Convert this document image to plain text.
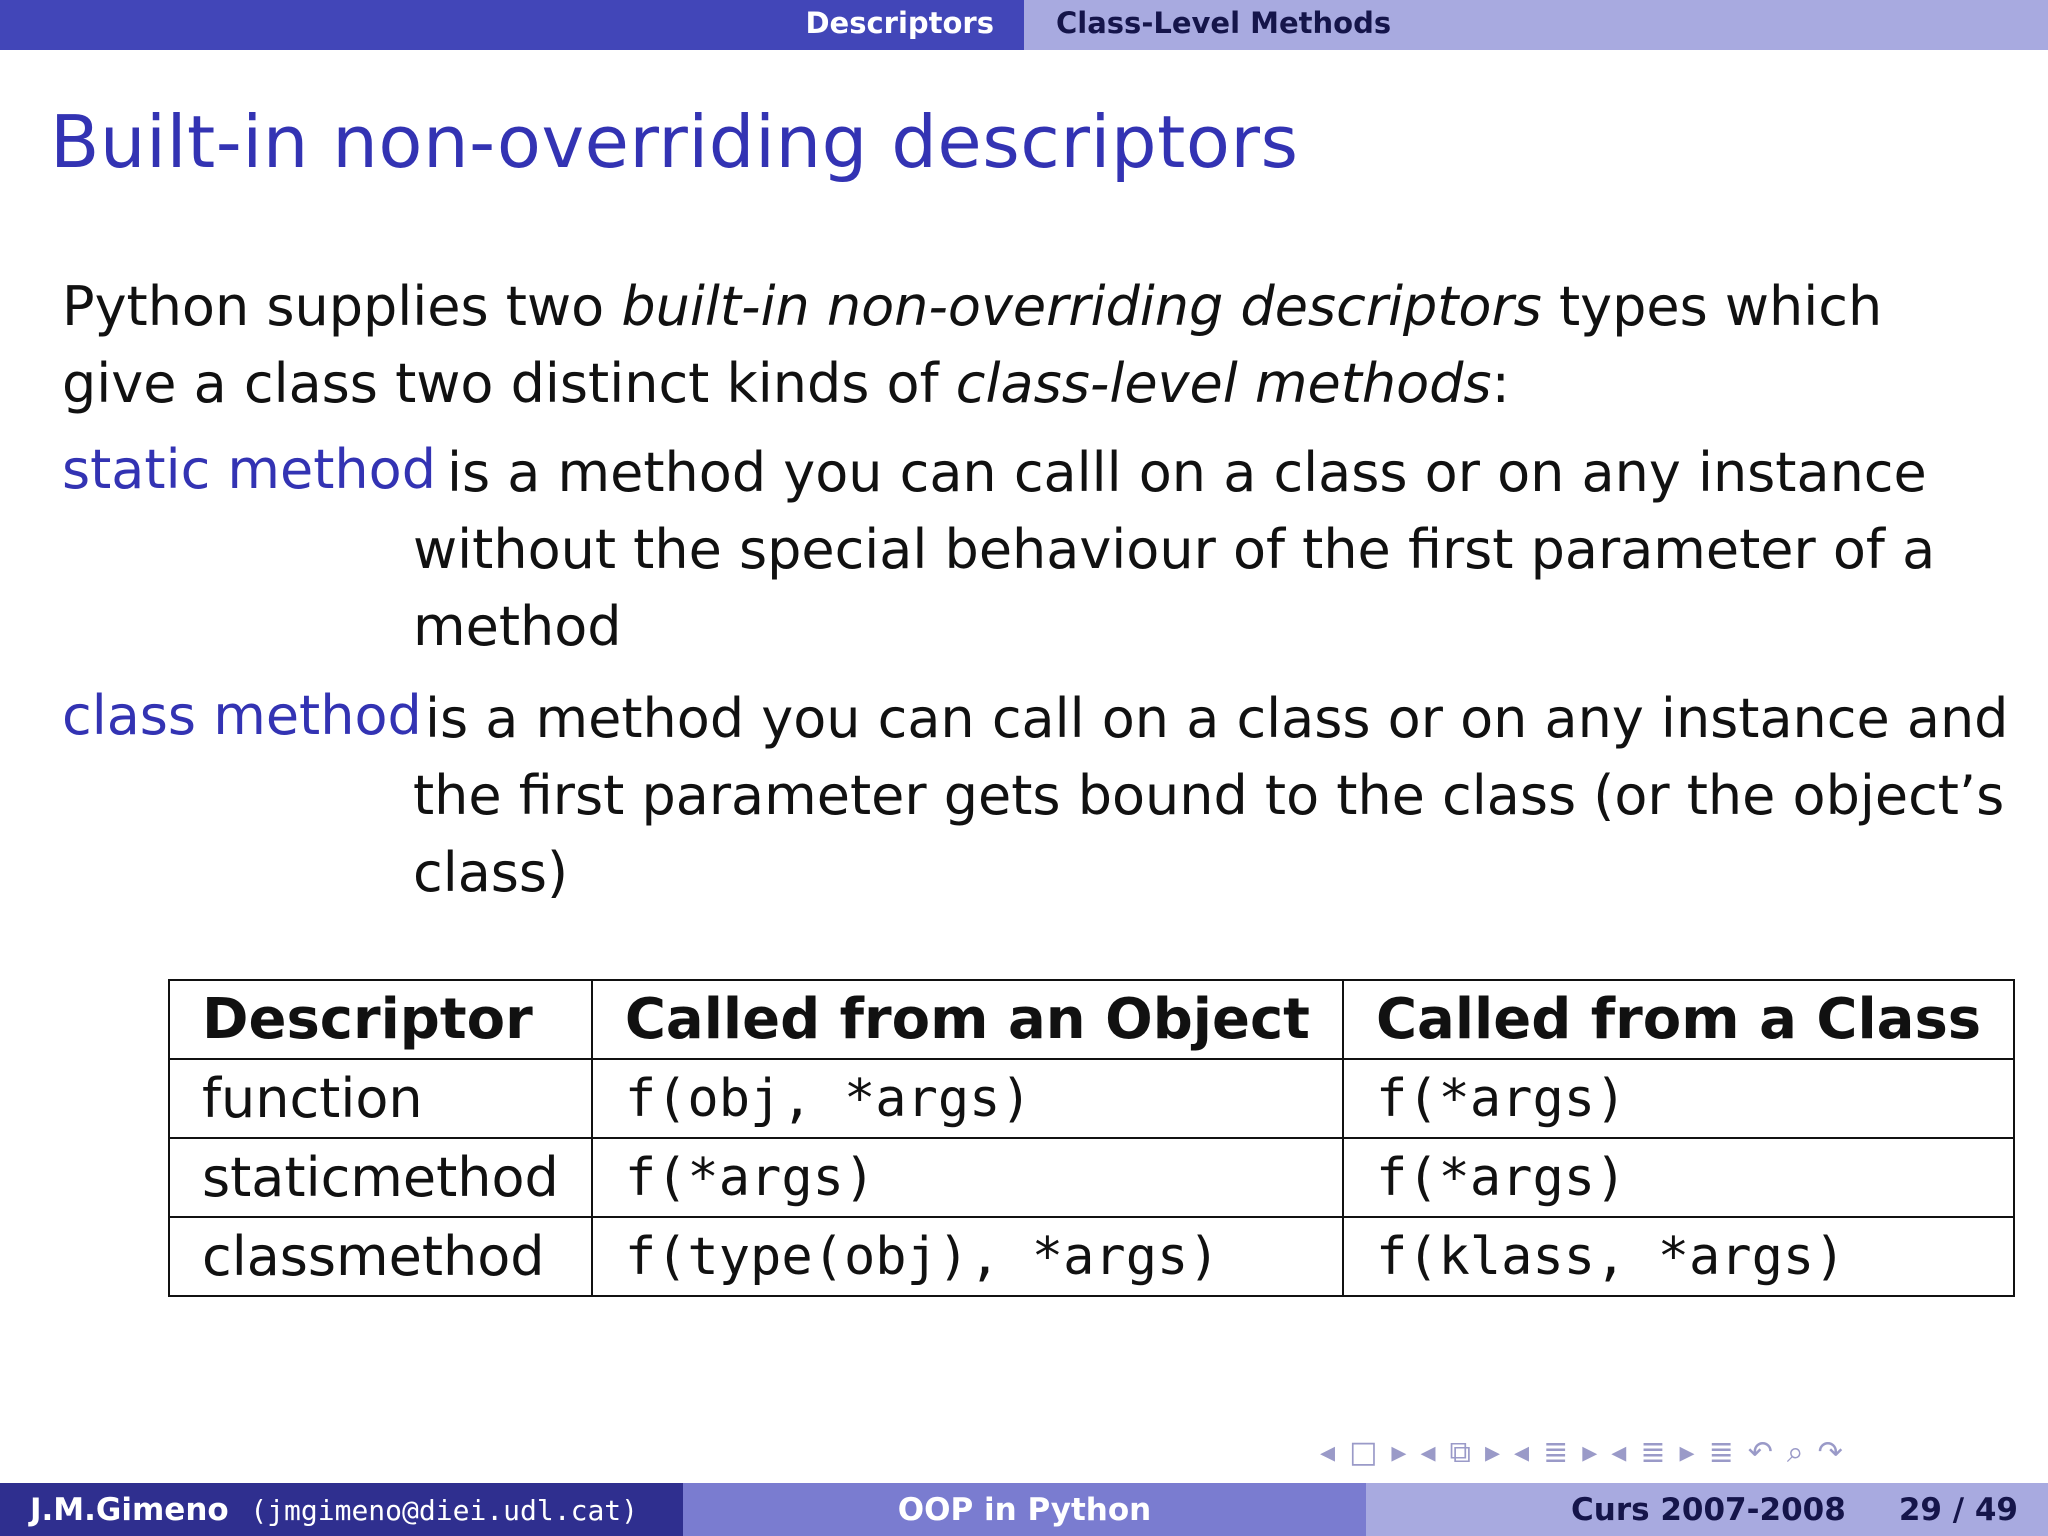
Descriptors Class-Level Methods
Built-in non-overriding descriptors
Python supplies two built-in non-overriding descriptors types which give a class two distinct kinds of class-level methods:
static method is a method you can calll on a class or on any instance
without the special behaviour of the first parameter of a
method
class method is a method you can call on a class or on any instance and
the first parameter gets bound to the class (or the object’s
class)
Descriptor	Called from an Object	Called from a Class
function	f(obj, *args)	f(*args)
staticmethod	f(*args)	f(*args)
classmethod	f(type(obj), *args)	f(klass, *args)
◂ □ ▸ ◂ ⧉ ▸ ◂ ≣ ▸ ◂ ≣ ▸ ≣ ↶ ⌕ ↷
J.M.Gimeno (jmgimeno@diei.udl.cat)	OOP in Python	Curs 2007-2008 29 / 49
